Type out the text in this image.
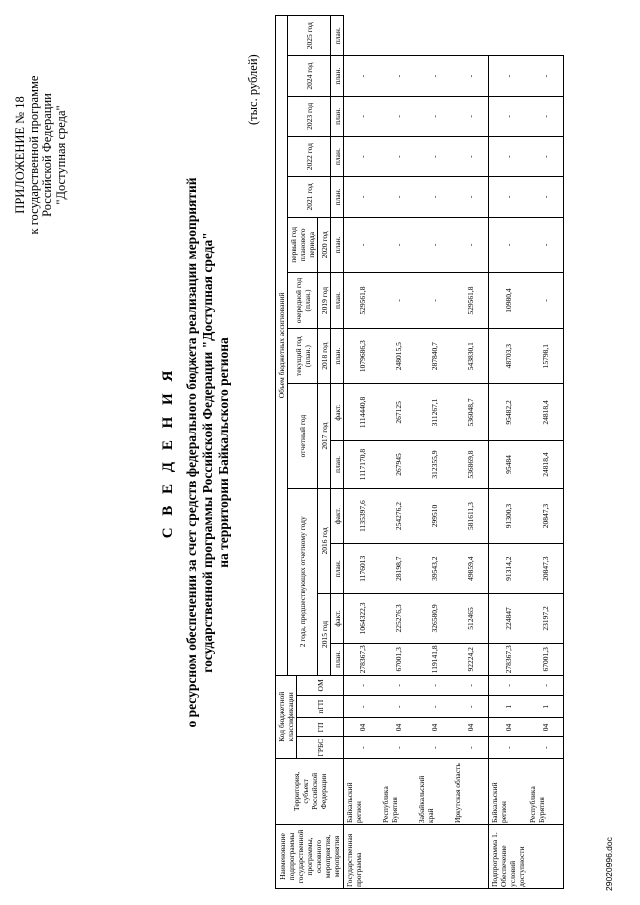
ПРИЛОЖЕНИЕ № 18 к государственной программе Российской Федерации "Доступная среда"
С В Е Д Е Н И Я о ресурсном обеспечении за счет средств федерального бюджета реализации мероприятий государственной программы Российской Федерации "Доступная среда" на территории Байкальского региона
(тыс. рублей)
Наименование подпрограммы государственной программы, основного мероприятия, мероприятия	Территория, субъект Российской Федерации	Код бюджетной классификации				Объем бюджетных ассигнований													
						2 года, предшествующих отчетному году				отчетный год		текущий год (план.)	очередной год (план.)	первый год планового периода	2021 год	2022 год	2023 год	2024 год	2025 год
		ГРБС	ГП	пГП	ОМ														
						2015 год		2016 год		2017 год		2018 год	2019 год	2020 год					
						план.	факт.	план.	факт.	план.	факт.	план.	план.	план.	план.	план.	план.	план.	план.
Государственная программа	Байкальский регион	-	04	-	-	278367,3	1064322,3	1176013	1135397,6	1117170,8	1114440,8	1079686,3	529561,8	-	-	-	-	-	
	Республика Бурятия	-	04	-	-	67001,3	225276,3	28198,7	254276,2	267945	267125	248015,5	-	-	-	-	-	-	
	Забайкальский край	-	04	-	-	119141,8	326580,9	39543,2	299510	312355,9	311267,1	287840,7	-	-	-	-	-	-	
	Иркутская область	-	04	-	-	92224,2	512465	49859,4	581611,3	536869,8	536048,7	543830,1	529561,8	-	-	-	-	-	
Подпрограмма 1. Обеспечение условий доступности	Байкальский регион	-	04	1	-	278367,3	224847	91314,2	91300,3	95484	95482,2	48703,3	10980,4	-	-	-	-	-	
	Республика Бурятия	-	04	1	-	67001,3	23197,2	20847,3	20847,3	24818,4	24818,4	15798,1	-	-	-	-	-	-	
29020996.doc
